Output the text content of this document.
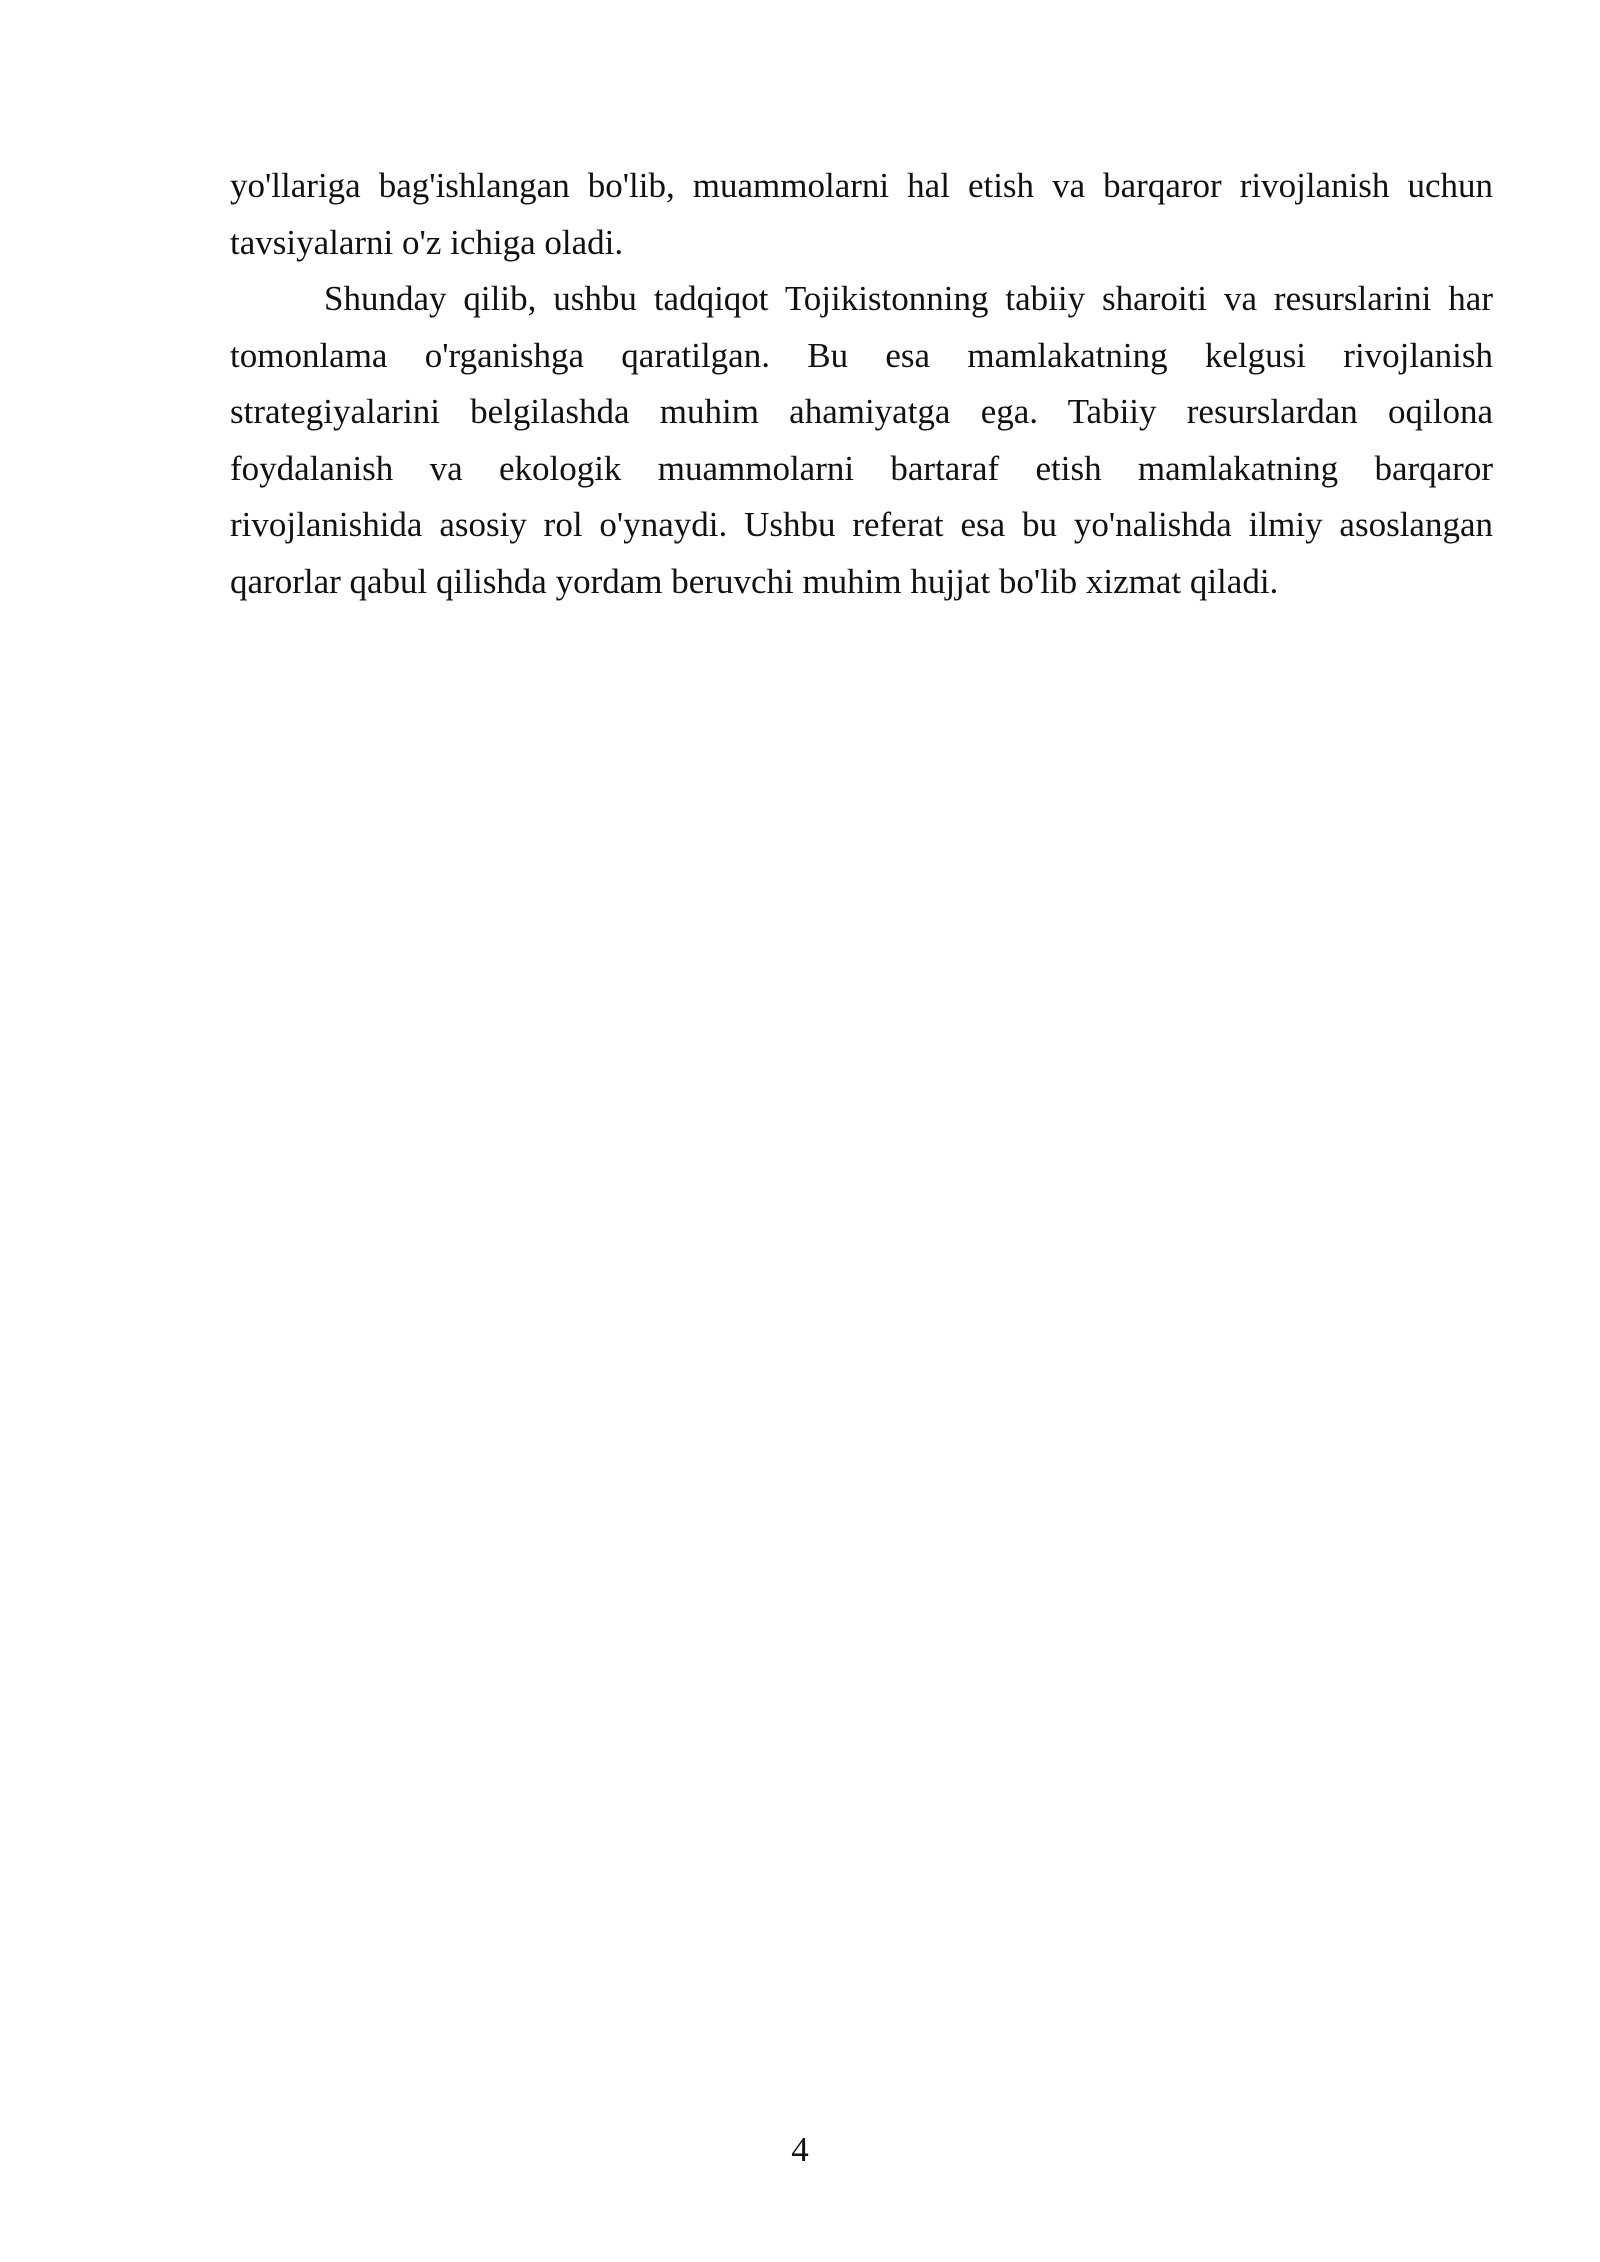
yo'llariga bag'ishlangan bo'lib, muammolarni hal etish va barqaror rivojlanish uchun tavsiyalarni o'z ichiga oladi.

Shunday qilib, ushbu tadqiqot Tojikistonning tabiiy sharoiti va resurslarini har tomonlama o'rganishga qaratilgan. Bu esa mamlakatning kelgusi rivojlanish strategiyalarini belgilashda muhim ahamiyatga ega. Tabiiy resurslardan oqilona foydalanish va ekologik muammolarni bartaraf etish mamlakatning barqaror rivojlanishida asosiy rol o'ynaydi. Ushbu referat esa bu yo'nalishda ilmiy asoslangan qarorlar qabul qilishda yordam beruvchi muhim hujjat bo'lib xizmat qiladi.

4
